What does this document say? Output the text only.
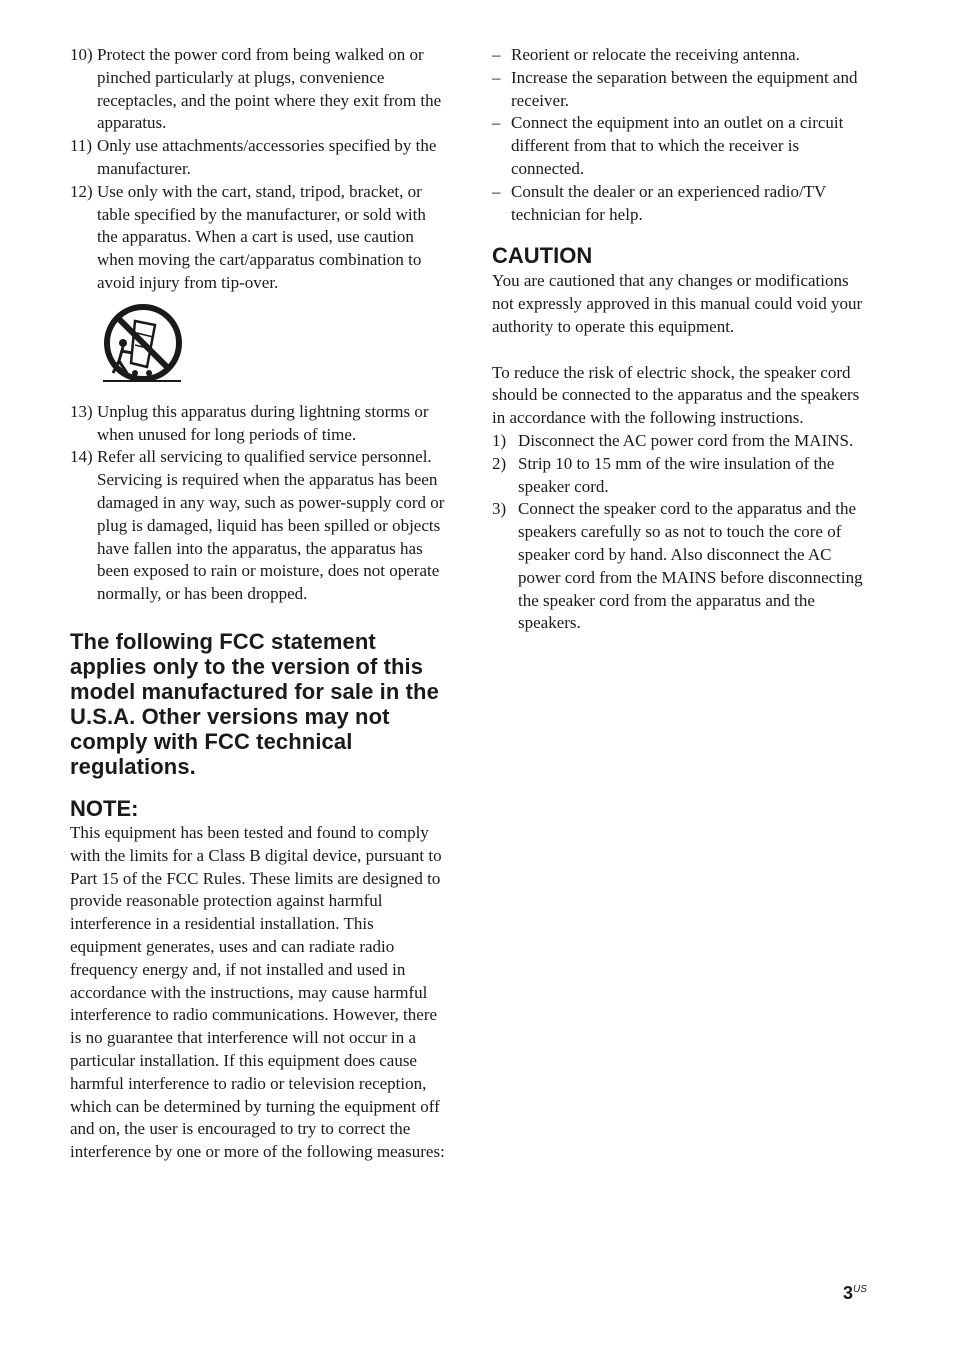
10) Protect the power cord from being walked on or pinched particularly at plugs, convenience receptacles, and the point where they exit from the apparatus.
11) Only use attachments/accessories specified by the manufacturer.
12) Use only with the cart, stand, tripod, bracket, or table specified by the manufacturer, or sold with the apparatus. When a cart is used, use caution when moving the cart/apparatus combination to avoid injury from tip-over.
13) Unplug this apparatus during lightning storms or when unused for long periods of time.
14) Refer all servicing to qualified service personnel. Servicing is required when the apparatus has been damaged in any way, such as power-supply cord or plug is damaged, liquid has been spilled or objects have fallen into the apparatus, the apparatus has been exposed to rain or moisture, does not operate normally, or has been dropped.
The following FCC statement applies only to the version of this model manufactured for sale in the U.S.A. Other versions may not comply with FCC technical regulations.
NOTE:

This equipment has been tested and found to comply with the limits for a Class B digital device, pursuant to Part 15 of the FCC Rules. These limits are designed to provide reasonable protection against harmful interference in a residential installation. This equipment generates, uses and can radiate radio frequency energy and, if not installed and used in accordance with the instructions, may cause harmful interference to radio communications. However, there is no guarantee that interference will not occur in a particular installation. If this equipment does cause harmful interference to radio or television reception, which can be determined by turning the equipment off and on, the user is encouraged to try to correct the interference by one or more of the following measures:

– Reorient or relocate the receiving antenna.
– Increase the separation between the equipment and receiver.
– Connect the equipment into an outlet on a circuit different from that to which the receiver is connected.
– Consult the dealer or an experienced radio/TV technician for help.
CAUTION

You are cautioned that any changes or modifications not expressly approved in this manual could void your authority to operate this equipment.

To reduce the risk of electric shock, the speaker cord should be connected to the apparatus and the speakers in accordance with the following instructions.

1) Disconnect the AC power cord from the MAINS.
2) Strip 10 to 15 mm of the wire insulation of the speaker cord.
3) Connect the speaker cord to the apparatus and the speakers carefully so as not to touch the core of speaker cord by hand. Also disconnect the AC power cord from the MAINS before disconnecting the speaker cord from the apparatus and the speakers.
$3^{US}$
